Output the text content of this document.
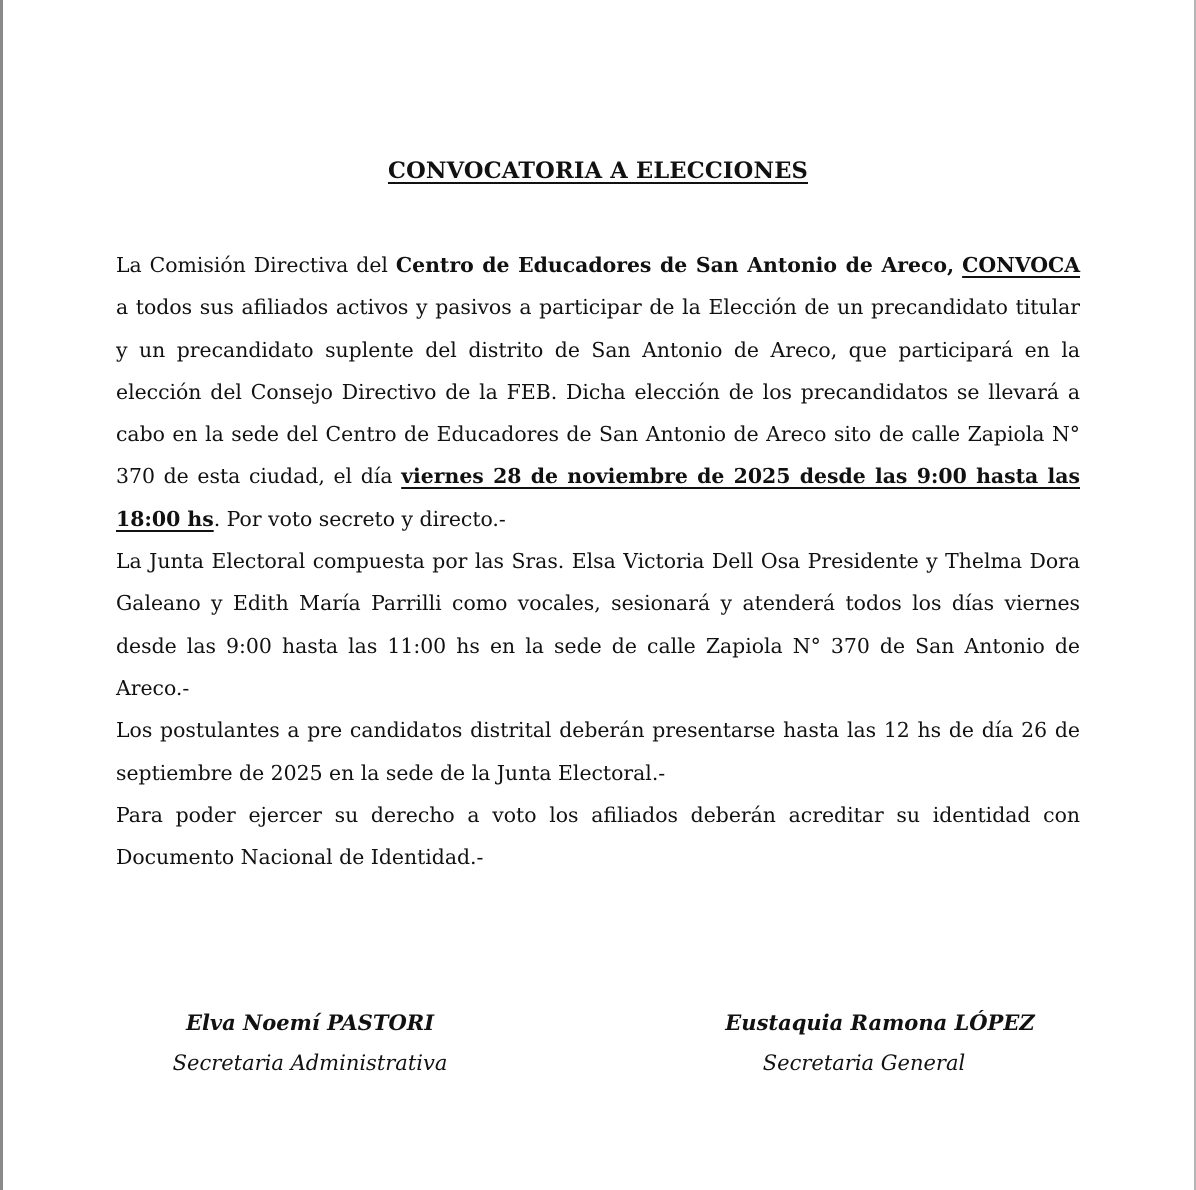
CONVOCATORIA A ELECCIONES

La Comisión Directiva del Centro de Educadores de San Antonio de Areco, CONVOCA a todos sus afiliados activos y pasivos a participar de la Elección de un precandidato titular y un precandidato suplente del distrito de San Antonio de Areco, que participará en la elección del Consejo Directivo de la FEB. Dicha elección de los precandidatos se llevará a cabo en la sede del Centro de Educadores de San Antonio de Areco sito de calle Zapiola N° 370 de esta ciudad, el día viernes 28 de noviembre de 2025 desde las 9:00 hasta las 18:00 hs. Por voto secreto y directo.-

La Junta Electoral compuesta por las Sras. Elsa Victoria Dell Osa Presidente y Thelma Dora Galeano y Edith María Parrilli como vocales, sesionará y atenderá todos los días viernes desde las 9:00 hasta las 11:00 hs en la sede de calle Zapiola N° 370 de San Antonio de Areco.-

Los postulantes a pre candidatos distrital deberán presentarse hasta las 12 hs de día 26 de septiembre de 2025 en la sede de la Junta Electoral.-

Para poder ejercer su derecho a voto los afiliados deberán acreditar su identidad con Documento Nacional de Identidad.-

Elva Noemí PASTORI
Secretaria Administrativa
Eustaquia Ramona LÓPEZ
Secretaria General
